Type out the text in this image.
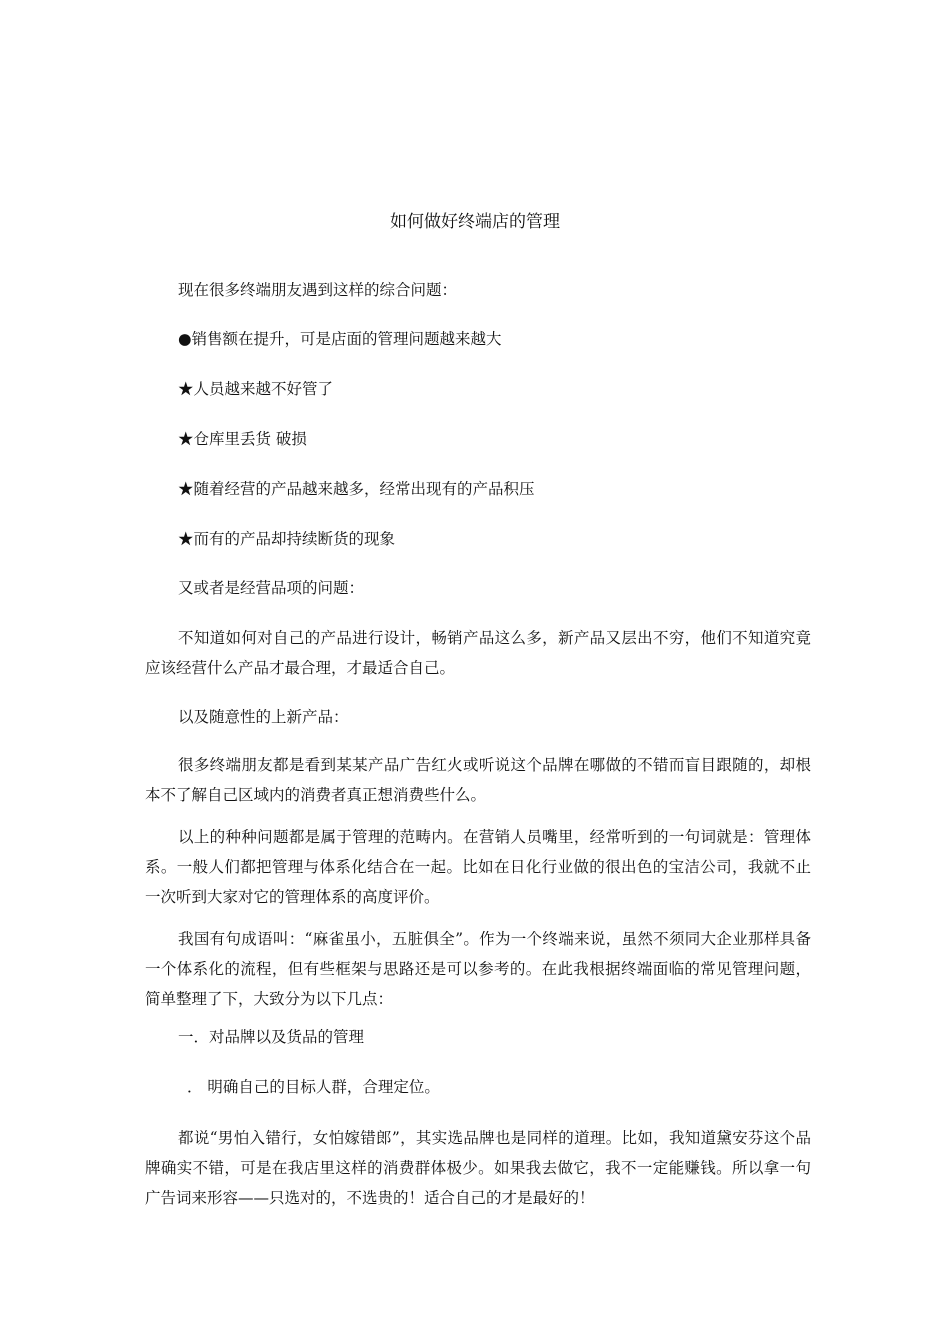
如何做好终端店的管理
现在很多终端朋友遇到这样的综合问题：
●销售额在提升，可是店面的管理问题越来越大
★人员越来越不好管了
★仓库里丢货 破损
★随着经营的产品越来越多，经常出现有的产品积压
★而有的产品却持续断货的现象
又或者是经营品项的问题：
不知道如何对自己的产品进行设计，畅销产品这么多，新产品又层出不穷，他们不知道究竟应该经营什么产品才最合理，才最适合自己。
以及随意性的上新产品：
很多终端朋友都是看到某某产品广告红火或听说这个品牌在哪做的不错而盲目跟随的，却根本不了解自己区域内的消费者真正想消费些什么。
以上的种种问题都是属于管理的范畴内。在营销人员嘴里，经常听到的一句词就是：管理体系。一般人们都把管理与体系化结合在一起。比如在日化行业做的很出色的宝洁公司，我就不止一次听到大家对它的管理体系的高度评价。
我国有句成语叫：“麻雀虽小，五脏俱全”。作为一个终端来说，虽然不须同大企业那样具备一个体系化的流程，但有些框架与思路还是可以参考的。在此我根据终端面临的常见管理问题，简单整理了下，大致分为以下几点：
一．对品牌以及货品的管理
． 明确自己的目标人群，合理定位。
都说“男怕入错行，女怕嫁错郎”，其实选品牌也是同样的道理。比如，我知道黛安芬这个品牌确实不错，可是在我店里这样的消费群体极少。如果我去做它，我不一定能赚钱。所以拿一句广告词来形容——只选对的，不选贵的！适合自己的才是最好的！
